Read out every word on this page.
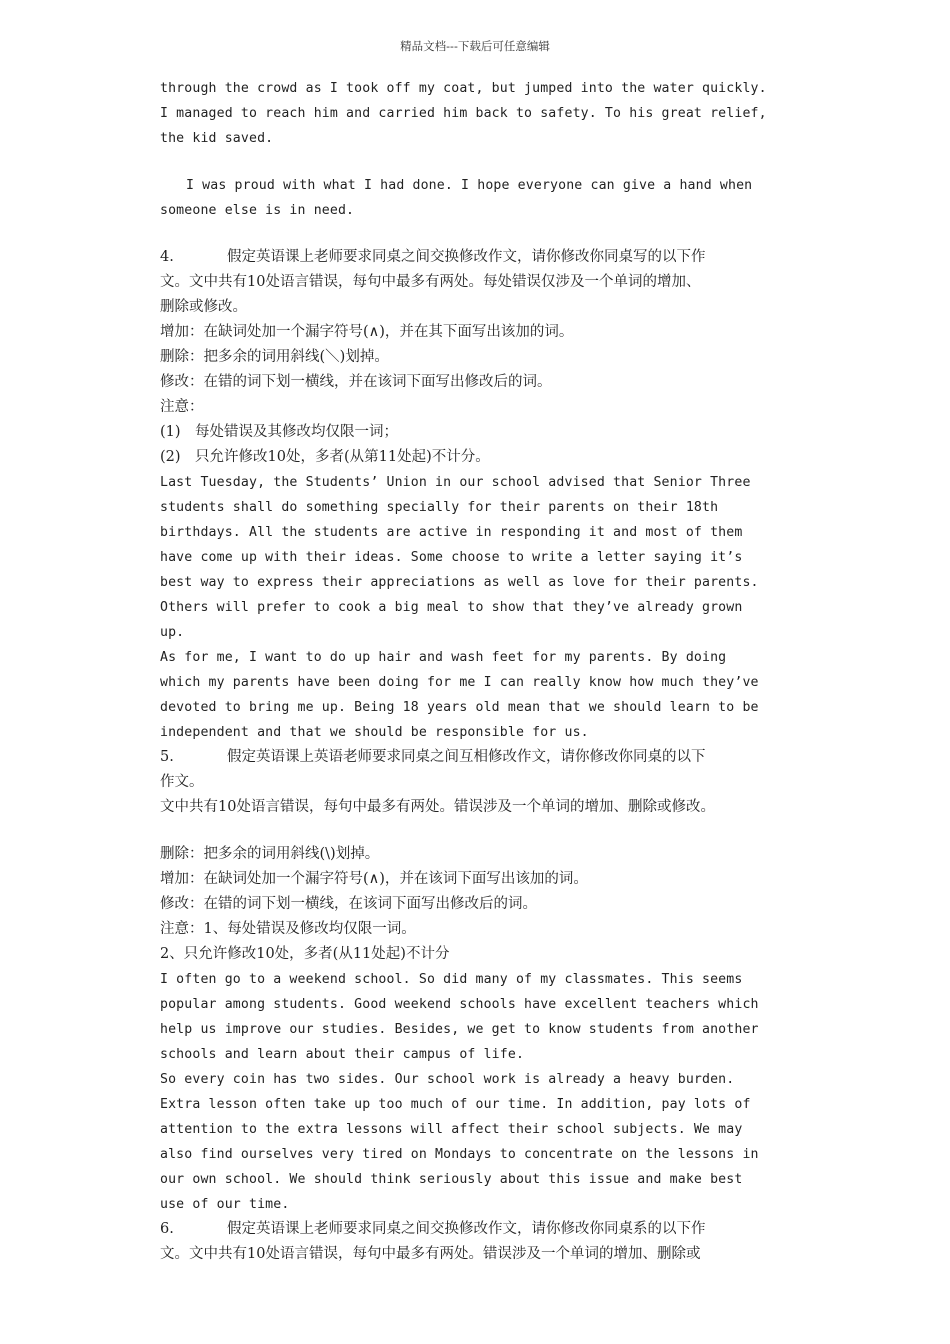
精品文档---下载后可任意编辑

through the crowd as I took off my coat, but jumped into the water quickly.

I managed to reach him and carried him back to safety. To his great relief,

the kid saved.

I was proud with what I had done. I hope everyone can give a hand when

someone else is in need.

4.	假定英语课上老师要求同桌之间交换修改作文，请你修改你同桌写的以下作

文。文中共有10处语言错误，每句中最多有两处。每处错误仅涉及一个单词的增加、

删除或修改。

增加：在缺词处加一个漏字符号(∧)，并在其下面写出该加的词。

删除：把多余的词用斜线(＼)划掉。

修改：在错的词下划一横线，并在该词下面写出修改后的词。

注意：

(1)　每处错误及其修改均仅限一词；

(2)　只允许修改10处，多者(从第11处起)不计分。

Last Tuesday, the Students’ Union in our school advised that Senior Three

students shall do something specially for their parents on their 18th

birthdays. All the students are active in responding it and most of them

have come up with their ideas. Some choose to write a letter saying it’s

best way to express their appreciations as well as love for their parents.

Others will prefer to cook a big meal to show that they’ve already grown

up.

As for me, I want to do up hair and wash feet for my parents. By doing

which my parents have been doing for me I can really know how much they’ve

devoted to bring me up. Being 18 years old mean that we should learn to be

independent and that we should be responsible for us.

5.	假定英语课上英语老师要求同桌之间互相修改作文，请你修改你同桌的以下

作文。

文中共有10处语言错误，每句中最多有两处。错误涉及一个单词的增加、删除或修改。

删除：把多余的词用斜线(\)划掉。

增加：在缺词处加一个漏字符号(∧)，并在该词下面写出该加的词。

修改：在错的词下划一横线，在该词下面写出修改后的词。

注意：1、每处错误及修改均仅限一词。

2、只允许修改10处，多者(从11处起)不计分

I often go to a weekend school. So did many of my classmates. This seems

popular among students. Good weekend schools have excellent teachers which

help us improve our studies. Besides, we get to know students from another

schools and learn about their campus of life.

So every coin has two sides. Our school work is already a heavy burden.

Extra lesson often take up too much of our time. In addition, pay lots of

attention to the extra lessons will affect their school subjects. We may

also find ourselves very tired on Mondays to concentrate on the lessons in

our own school. We should think seriously about this issue and make best

use of our time.

6.	假定英语课上老师要求同桌之间交换修改作文，请你修改你同桌系的以下作

文。文中共有10处语言错误，每句中最多有两处。错误涉及一个单词的增加、删除或
